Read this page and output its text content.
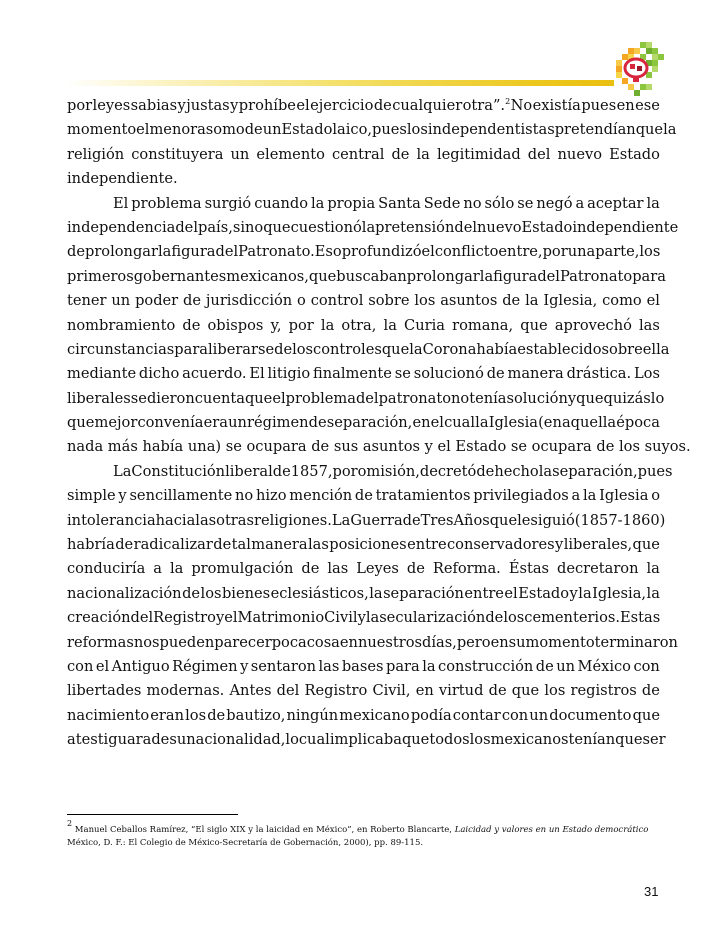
por leyes sabias y justas y prohíbe el ejercicio de cualquier otra”.$^2$ No existía pues en ese
momento el menor asomo de un Estado laico, pues los independentistas pretendían que la
religión constituyera un elemento central de la legitimidad del nuevo Estado
independiente.
El problema surgió cuando la propia Santa Sede no sólo se negó a aceptar la
independencia del país, sino que cuestionó la pretensión del nuevo Estado independiente
de prolongar la figura del Patronato. Eso profundizó el conflicto entre, por una parte, los
primeros gobernantes mexicanos, que buscaban prolongar la figura del Patronato para
tener un poder de jurisdicción o control sobre los asuntos de la Iglesia, como el
nombramiento de obispos y, por la otra, la Curia romana, que aprovechó las
circunstancias para liberarse de los controles que la Corona había establecido sobre ella
mediante dicho acuerdo. El litigio finalmente se solucionó de manera drástica. Los
liberales se dieron cuenta que el problema del patronato no tenía solución y que quizás lo
que mejor convenía era un régimen de separación, en el cual la Iglesia (en aquella época
nada más había una) se ocupara de sus asuntos y el Estado se ocupara de los suyos.
La Constitución liberal de 1857, por omisión, decretó de hecho la separación, pues
simple y sencillamente no hizo mención de tratamientos privilegiados a la Iglesia o
intolerancia hacia las otras religiones. La Guerra de Tres Años que le siguió (1857-1860)
habría de radicalizar de tal manera las posiciones entre conservadores y liberales, que
conduciría a la promulgación de las Leyes de Reforma. Éstas decretaron la
nacionalización de los bienes eclesiásticos, la separación entre el Estado y la Iglesia, la
creación del Registro y el Matrimonio Civil y la secularización de los cementerios. Estas
reformas nos pueden parecer poca cosa en nuestros días, pero en su momento terminaron
con el Antiguo Régimen y sentaron las bases para la construcción de un México con
libertades modernas. Antes del Registro Civil, en virtud de que los registros de
nacimiento eran los de bautizo, ningún mexicano podía contar con un documento que
atestiguara de su nacionalidad, lo cual implicaba que todos los mexicanos tenían que ser
$^2$ Manuel Ceballos Ramírez, “El siglo XIX y la laicidad en México”, en Roberto Blancarte, Laicidad y valores en un Estado democrático
México, D. F.: El Colegio de México-Secretaría de Gobernación, 2000), pp. 89-115.
31
